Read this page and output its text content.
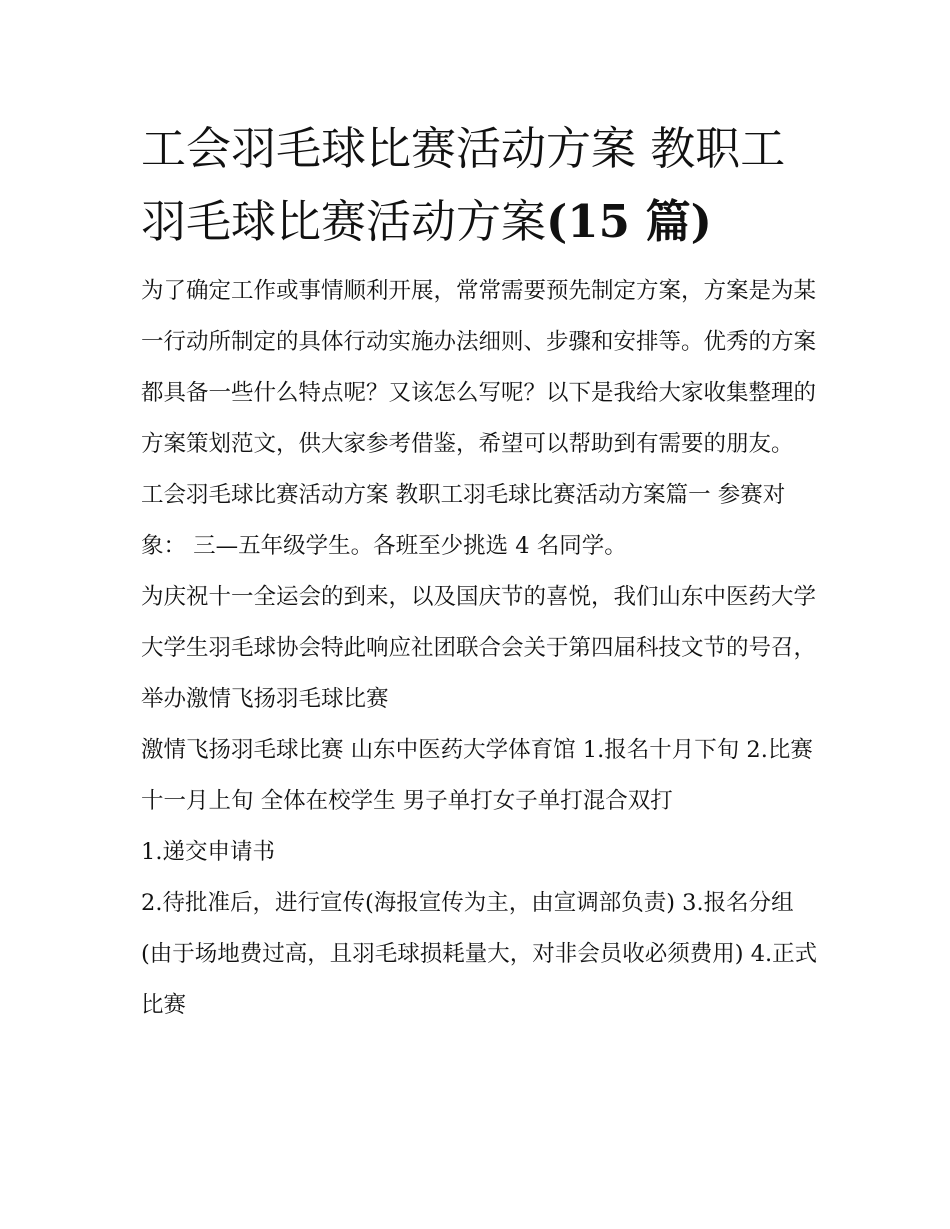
工会羽毛球比赛活动方案 教职工羽毛球比赛活动方案(15 篇)

为了确定工作或事情顺利开展，常常需要预先制定方案，方案是为某一行动所制定的具体行动实施办法细则、步骤和安排等。优秀的方案都具备一些什么特点呢？又该怎么写呢？以下是我给大家收集整理的方案策划范文，供大家参考借鉴，希望可以帮助到有需要的朋友。

工会羽毛球比赛活动方案 教职工羽毛球比赛活动方案篇一 参赛对象： 三—五年级学生。各班至少挑选 4 名同学。

为庆祝十一全运会的到来，以及国庆节的喜悦，我们山东中医药大学大学生羽毛球协会特此响应社团联合会关于第四届科技文节的号召，举办激情飞扬羽毛球比赛

激情飞扬羽毛球比赛 山东中医药大学体育馆 1.报名十月下旬 2.比赛十一月上旬 全体在校学生 男子单打女子单打混合双打

1.递交申请书

2.待批准后，进行宣传(海报宣传为主，由宣调部负责) 3.报名分组(由于场地费过高，且羽毛球损耗量大，对非会员收必须费用) 4.正式比赛
